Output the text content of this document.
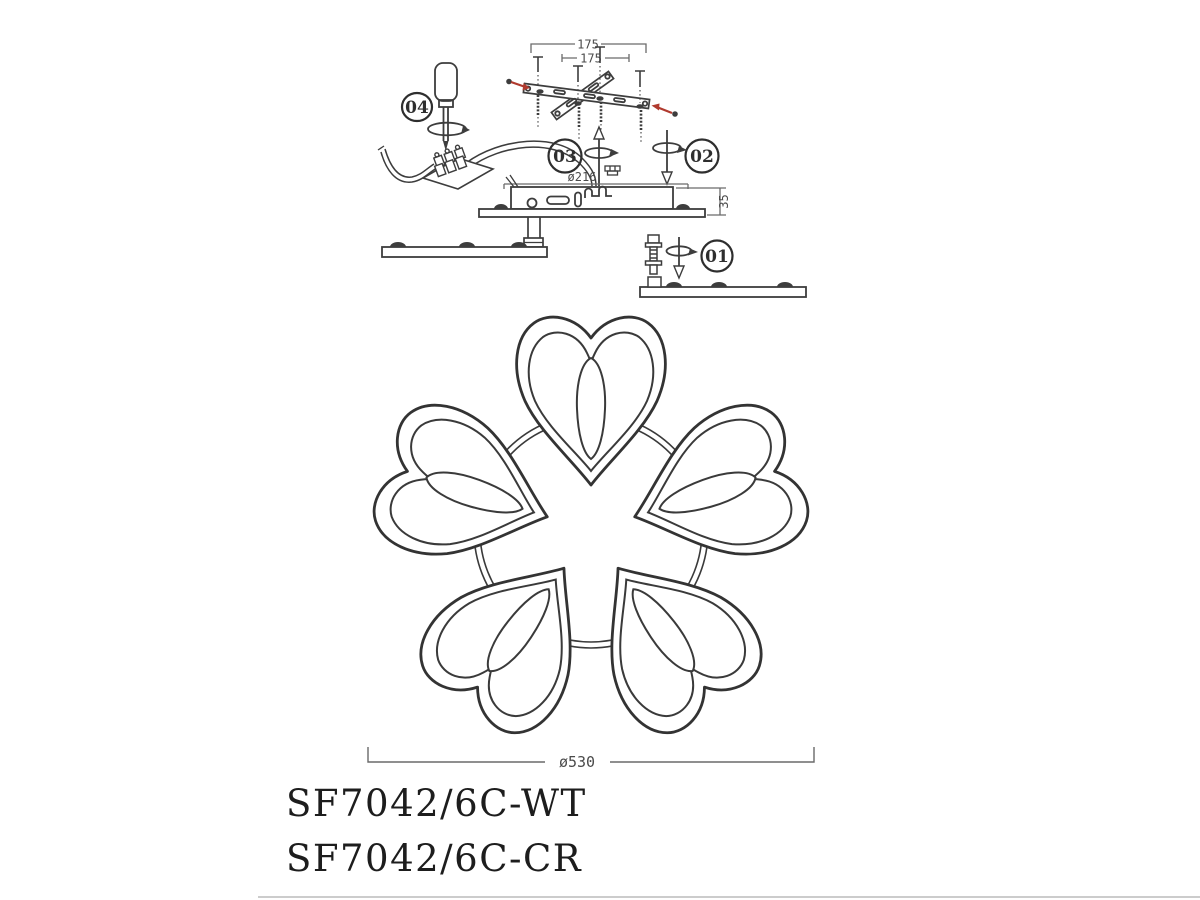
175
175
04
03	02
ø216
35
01
ø530
SF7042/6C-WT
SF7042/6C-CR
